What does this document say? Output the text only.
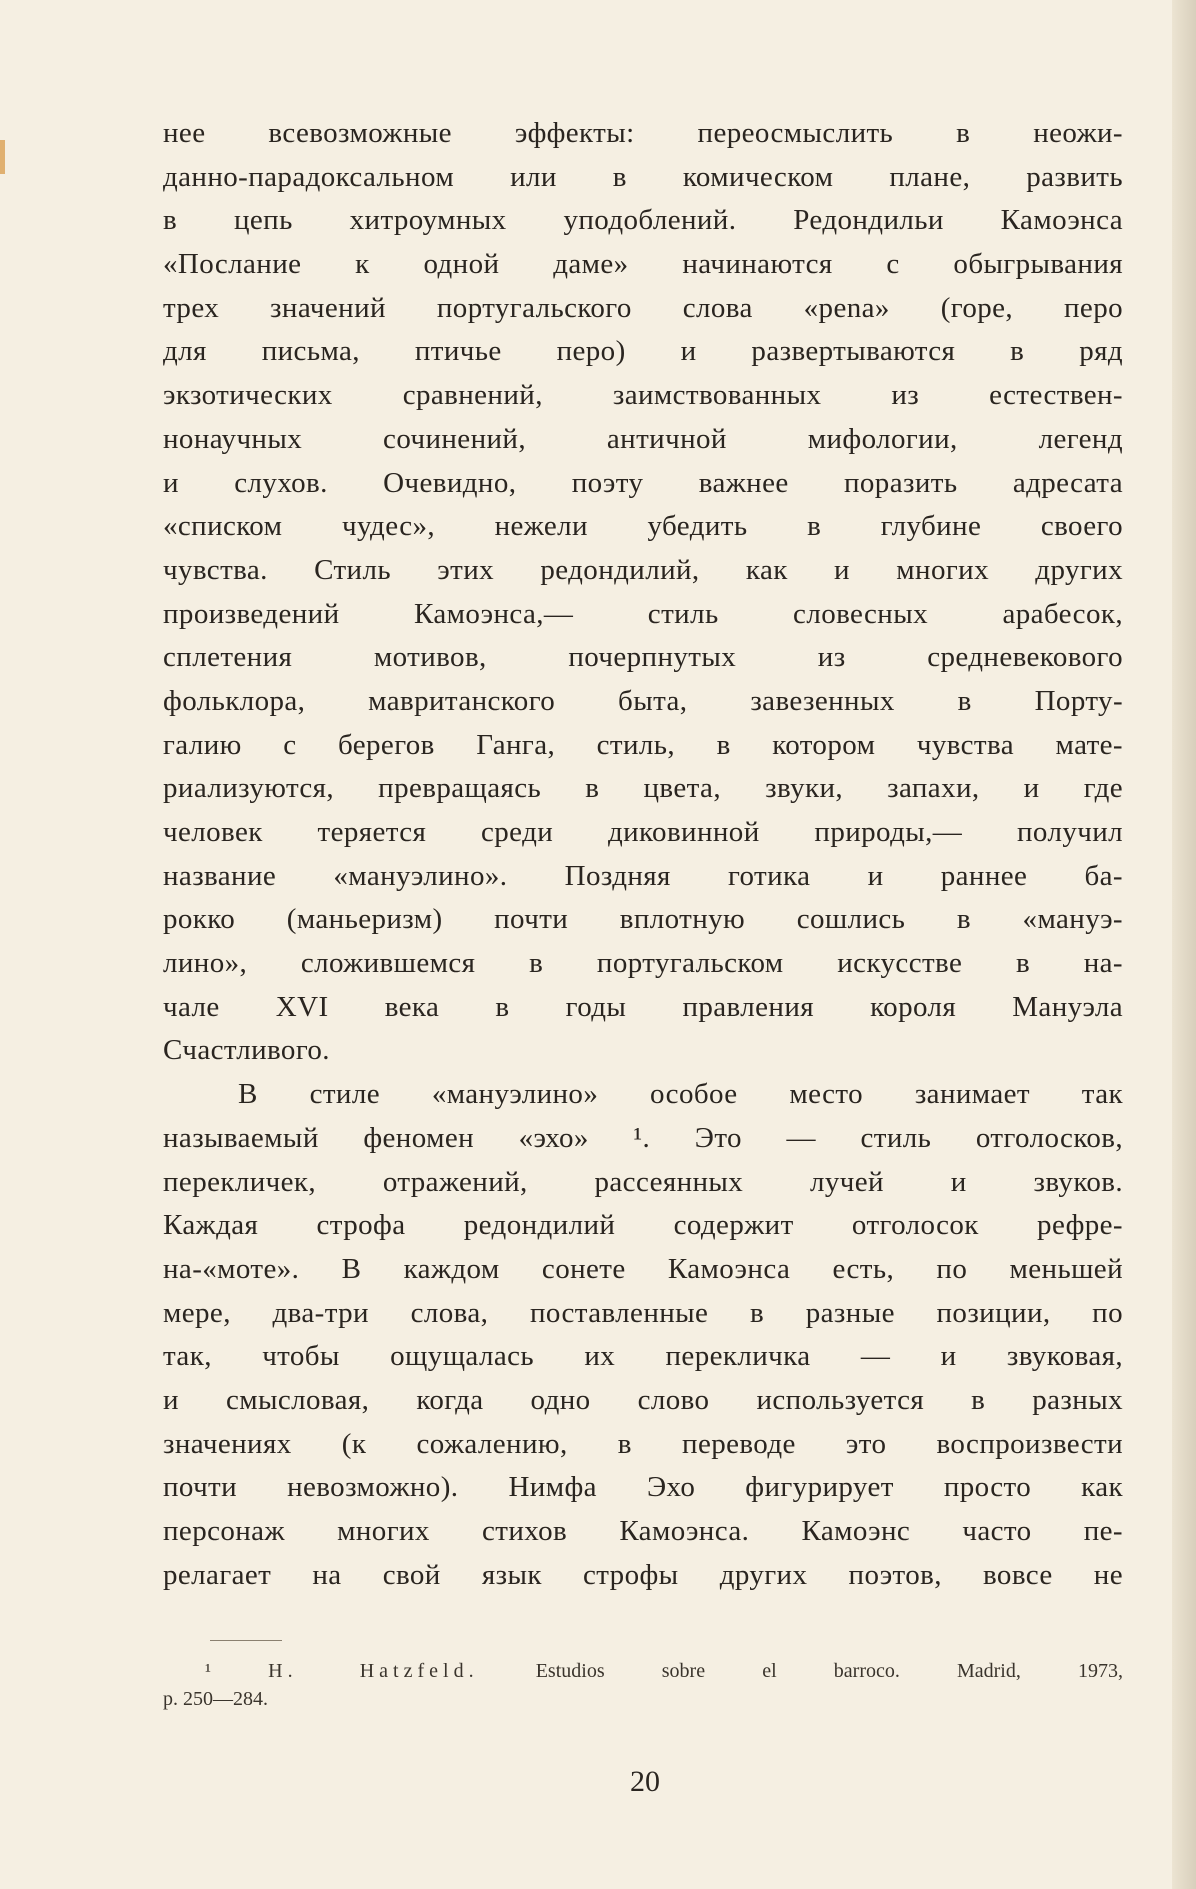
нее всевозможные эффекты: переосмыслить в неожи-
данно-парадоксальном или в комическом плане, развить
в цепь хитроумных уподоблений. Редондильи Камоэнса
«Послание к одной даме» начинаются с обыгрывания
трех значений португальского слова «pena» (горе, перо
для письма, птичье перо) и развертываются в ряд
экзотических сравнений, заимствованных из естествен-
нонаучных сочинений, античной мифологии, легенд
и слухов. Очевидно, поэту важнее поразить адресата
«списком чудес», нежели убедить в глубине своего
чувства. Стиль этих редондилий, как и многих других
произведений Камоэнса,— стиль словесных арабесок,
сплетения мотивов, почерпнутых из средневекового
фольклора, мавританского быта, завезенных в Порту-
галию с берегов Ганга, стиль, в котором чувства мате-
риализуются, превращаясь в цвета, звуки, запахи, и где
человек теряется среди диковинной природы,— получил
название «мануэлино». Поздняя готика и раннее ба-
рокко (маньеризм) почти вплотную сошлись в «мануэ-
лино», сложившемся в португальском искусстве в на-
чале XVI века в годы правления короля Мануэла
Счастливого.
В стиле «мануэлино» особое место занимает так
называемый феномен «эхо» ¹. Это — стиль отголосков,
перекличек, отражений, рассеянных лучей и звуков.
Каждая строфа редондилий содержит отголосок рефре-
на-«моте». В каждом сонете Камоэнса есть, по меньшей
мере, два-три слова, поставленные в разные позиции, по
так, чтобы ощущалась их перекличка — и звуковая,
и смысловая, когда одно слово используется в разных
значениях (к сожалению, в переводе это воспроизвести
почти невозможно). Нимфа Эхо фигурирует просто как
персонаж многих стихов Камоэнса. Камоэнс часто пе-
релагает на свой язык строфы других поэтов, вовсе не
¹	H. Hatzfeld.	Estudios sobre el barroco. Madrid, 1973,
p. 250—284.
20
